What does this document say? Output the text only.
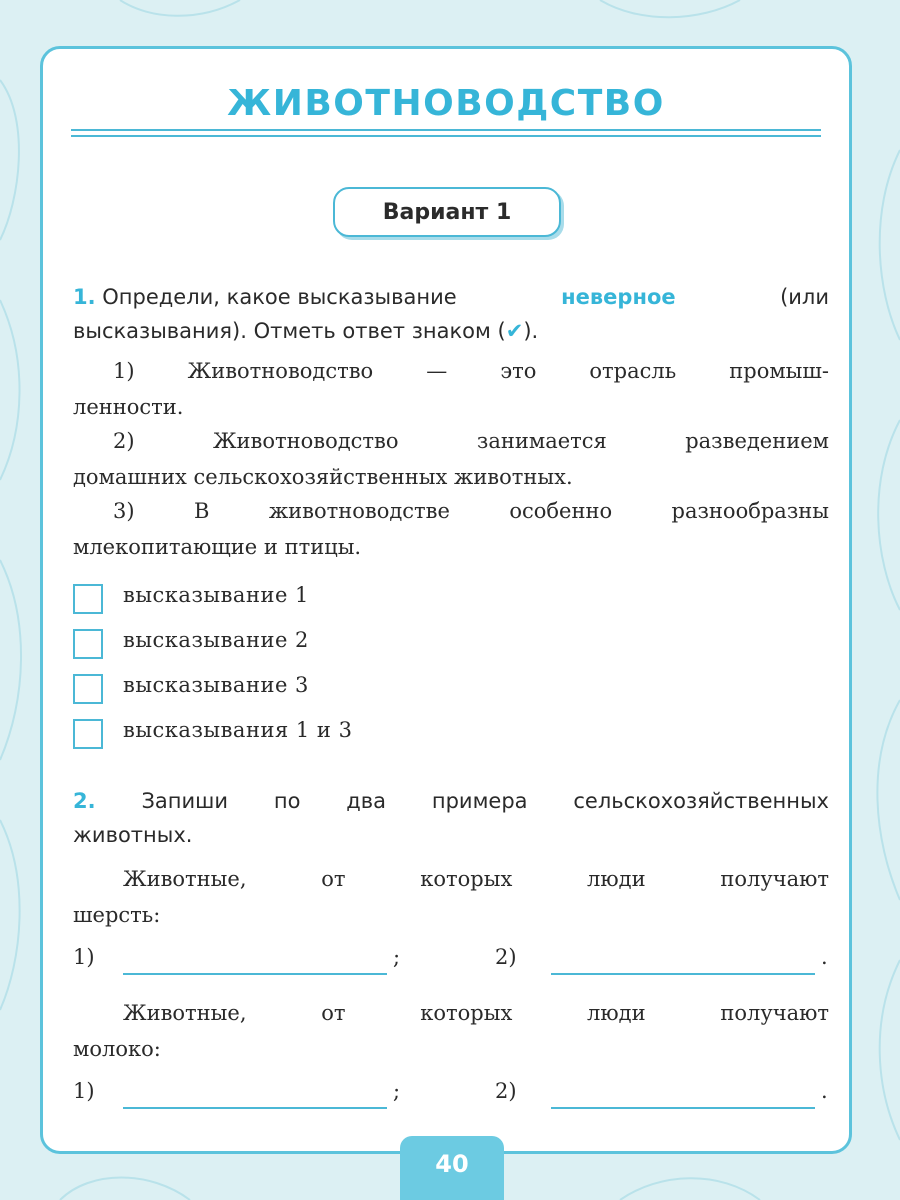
ЖИВОТНОВОДСТВО
Вариант 1
1. Определи, какое высказывание	неверное	(или
высказывания). Отметь ответ знаком (✔).
1) Животноводство — это отрасль промыш-
ленности.
2) Животноводство занимается разведением
домашних сельскохозяйственных животных.
3) В животноводстве особенно разнообразны
млекопитающие и птицы.
высказывание 1
высказывание 2
высказывание 3
высказывания 1 и 3
2. Запиши по два примера сельскохозяйственных
животных.
Животные, от которых люди получают
шерсть:
1)	;	2)	.
Животные, от которых люди получают
молоко:
1)	;	2)	.
40
